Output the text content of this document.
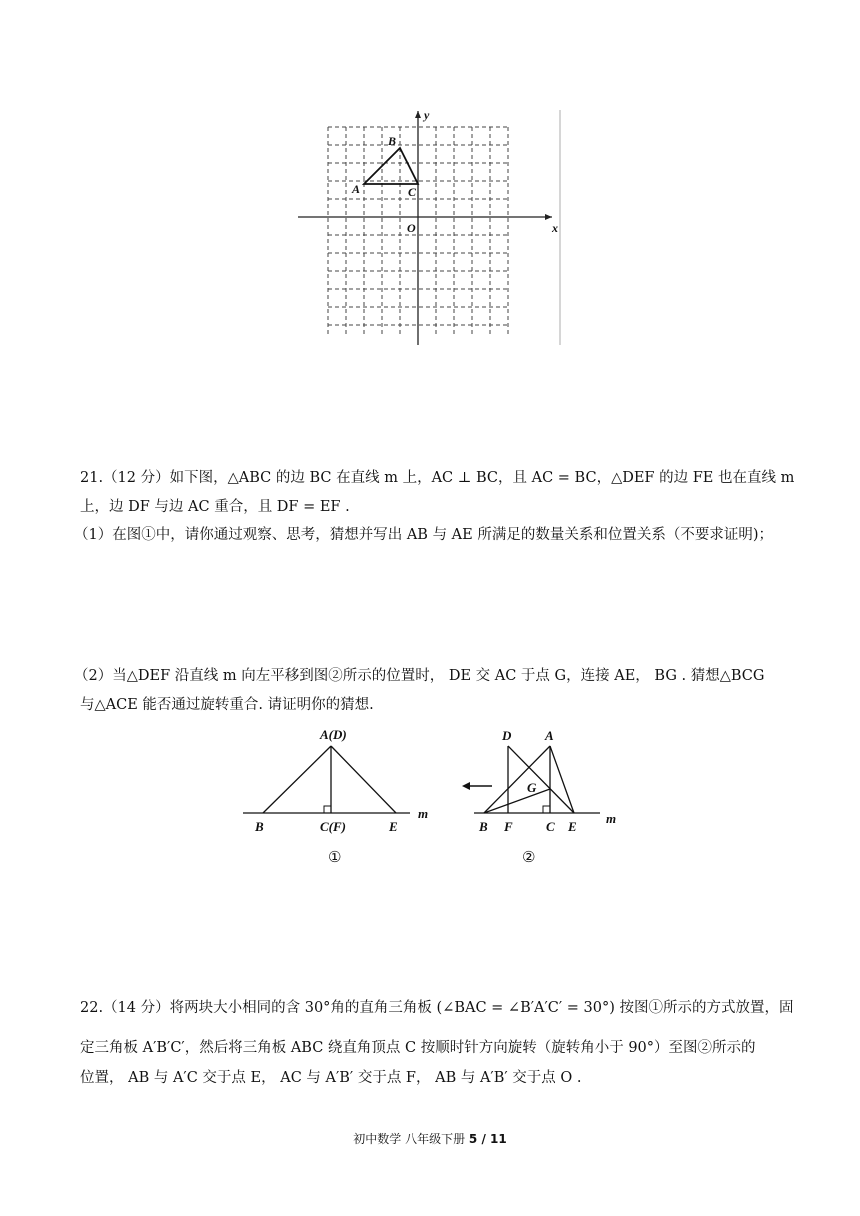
y
x
O
A
B
C
21.（12 分）如下图，△ABC 的边 BC 在直线 m 上，AC ⊥ BC，且 AC = BC，△DEF 的边 FE 也在直线 m
上，边 DF 与边 AC 重合，且 DF = EF .
（1）在图①中，请你通过观察、思考，猜想并写出 AB 与 AE 所满足的数量关系和位置关系（不要求证明)；
（2）当△DEF 沿直线 m 向左平移到图②所示的位置时， DE 交 AC 于点 G，连接 AE， BG . 猜想△BCG
与△ACE 能否通过旋转重合. 请证明你的猜想.
A(D)
B	C(F)	E
m
①
D	A
G
B F	C E
m
②
22.（14 分）将两块大小相同的含 30°角的直角三角板 (∠BAC = ∠B′A′C′ = 30°) 按图①所示的方式放置，固
定三角板 A′B′C′，然后将三角板 ABC 绕直角顶点 C 按顺时针方向旋转（旋转角小于 90°）至图②所示的
位置， AB 与 A′C 交于点 E， AC 与 A′B′ 交于点 F， AB 与 A′B′ 交于点 O .
初中数学 八年级下册 5 / 11
